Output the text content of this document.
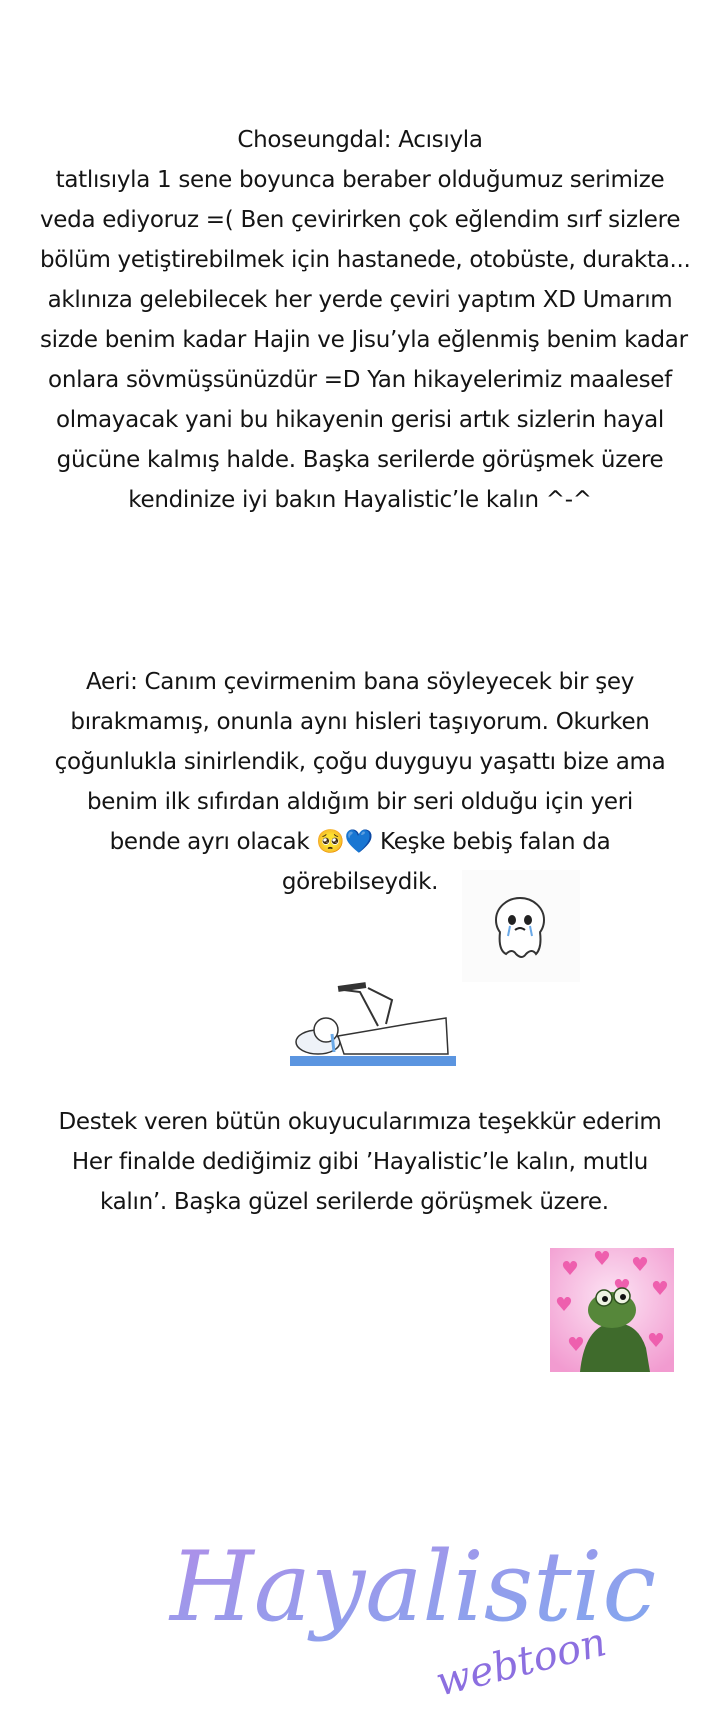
Choseungdal: Acısıyla
tatlısıyla 1 sene boyunca beraber olduğumuz serimize
veda ediyoruz =( Ben çevirirken çok eğlendim sırf sizlere
bölüm yetiştirebilmek için hastanede, otobüste, durakta...
aklınıza gelebilecek her yerde çeviri yaptım XD Umarım
sizde benim kadar Hajin ve Jisu’yla eğlenmiş benim kadar
onlara sövmüşsünüzdür =D Yan hikayelerimiz maalesef
olmayacak yani bu hikayenin gerisi artık sizlerin hayal
gücüne kalmış halde. Başka serilerde görüşmek üzere
kendinize iyi bakın Hayalistic’le kalın ^-^
Aeri: Canım çevirmenim bana söyleyecek bir şey
bırakmamış, onunla aynı hisleri taşıyorum. Okurken
çoğunlukla sinirlendik, çoğu duyguyu yaşattı bize ama
benim ilk sıfırdan aldığım bir seri olduğu için yeri
bende ayrı olacak 🥺💙 Keşke bebiş falan da
görebilseydik.
Destek veren bütün okuyucularımıza teşekkür ederim
Her finalde dediğimiz gibi ’Hayalistic’le kalın, mutlu
kalın’. Başka güzel serilerde görüşmek üzere.
Hayalistic
webtoon
